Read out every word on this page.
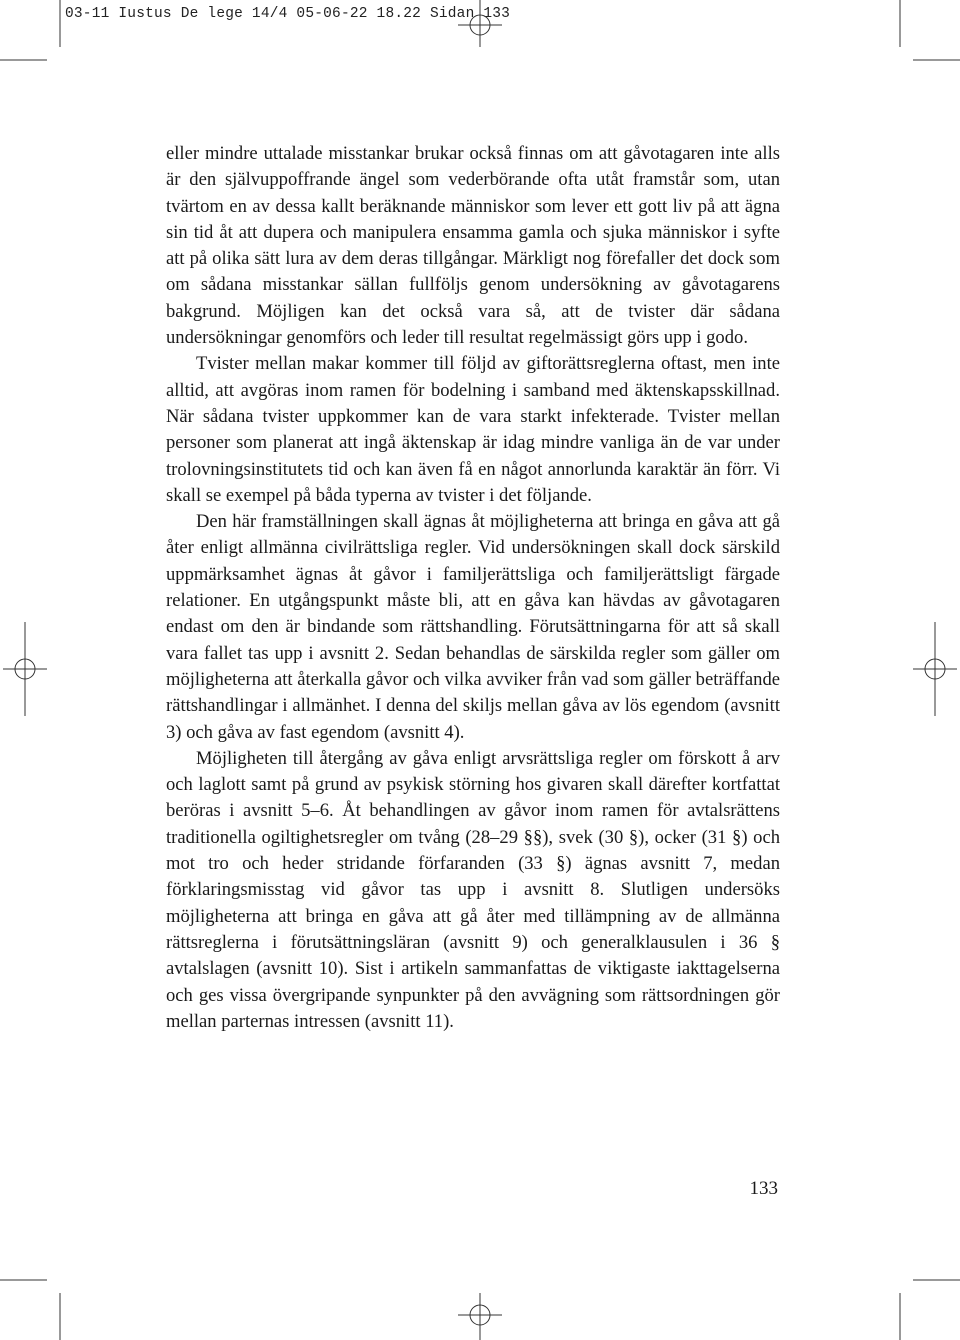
03-11 Iustus De lege 14/4 05-06-22 18.22 Sidan 133

eller mindre uttalade misstankar brukar också finnas om att gåvotagaren inte alls är den självuppoffrande ängel som vederbörande ofta utåt framstår som, utan tvärtom en av dessa kallt beräknande människor som lever ett gott liv på att ägna sin tid åt att dupera och manipulera ensamma gamla och sjuka människor i syfte att på olika sätt lura av dem deras tillgångar. Märkligt nog förefaller det dock som om sådana misstankar sällan fullföljs genom undersökning av gåvotagarens bakgrund. Möjligen kan det också vara så, att de tvister där sådana undersökningar genomförs och leder till resultat regelmässigt görs upp i godo.

Tvister mellan makar kommer till följd av giftorättsreglerna oftast, men inte alltid, att avgöras inom ramen för bodelning i samband med äktenskapsskillnad. När sådana tvister uppkommer kan de vara starkt infekterade. Tvister mellan personer som planerat att ingå äktenskap är idag mindre vanliga än de var under trolovningsinstitutets tid och kan även få en något annorlunda karaktär än förr. Vi skall se exempel på båda typerna av tvister i det följande.

Den här framställningen skall ägnas åt möjligheterna att bringa en gåva att gå åter enligt allmänna civilrättsliga regler. Vid undersökningen skall dock särskild uppmärksamhet ägnas åt gåvor i familjerättsliga och familjerättsligt färgade relationer. En utgångspunkt måste bli, att en gåva kan hävdas av gåvotagaren endast om den är bindande som rättshandling. Förutsättningarna för att så skall vara fallet tas upp i avsnitt 2. Sedan behandlas de särskilda regler som gäller om möjligheterna att återkalla gåvor och vilka avviker från vad som gäller beträffande rättshandlingar i allmänhet. I denna del skiljs mellan gåva av lös egendom (avsnitt 3) och gåva av fast egendom (avsnitt 4).

Möjligheten till återgång av gåva enligt arvsrättsliga regler om förskott å arv och laglott samt på grund av psykisk störning hos givaren skall därefter kortfattat beröras i avsnitt 5–6. Åt behandlingen av gåvor inom ramen för avtalsrättens traditionella ogiltighetsregler om tvång (28–29 §§), svek (30 §), ocker (31 §) och mot tro och heder stridande förfaranden (33 §) ägnas avsnitt 7, medan förklaringsmisstag vid gåvor tas upp i avsnitt 8. Slutligen undersöks möjligheterna att bringa en gåva att gå åter med tillämpning av de allmänna rättsreglerna i förutsättningsläran (avsnitt 9) och generalklausulen i 36 § avtalslagen (avsnitt 10). Sist i artikeln sammanfattas de viktigaste iakttagelserna och ges vissa övergripande synpunkter på den avvägning som rättsordningen gör mellan parternas intressen (avsnitt 11).

133
